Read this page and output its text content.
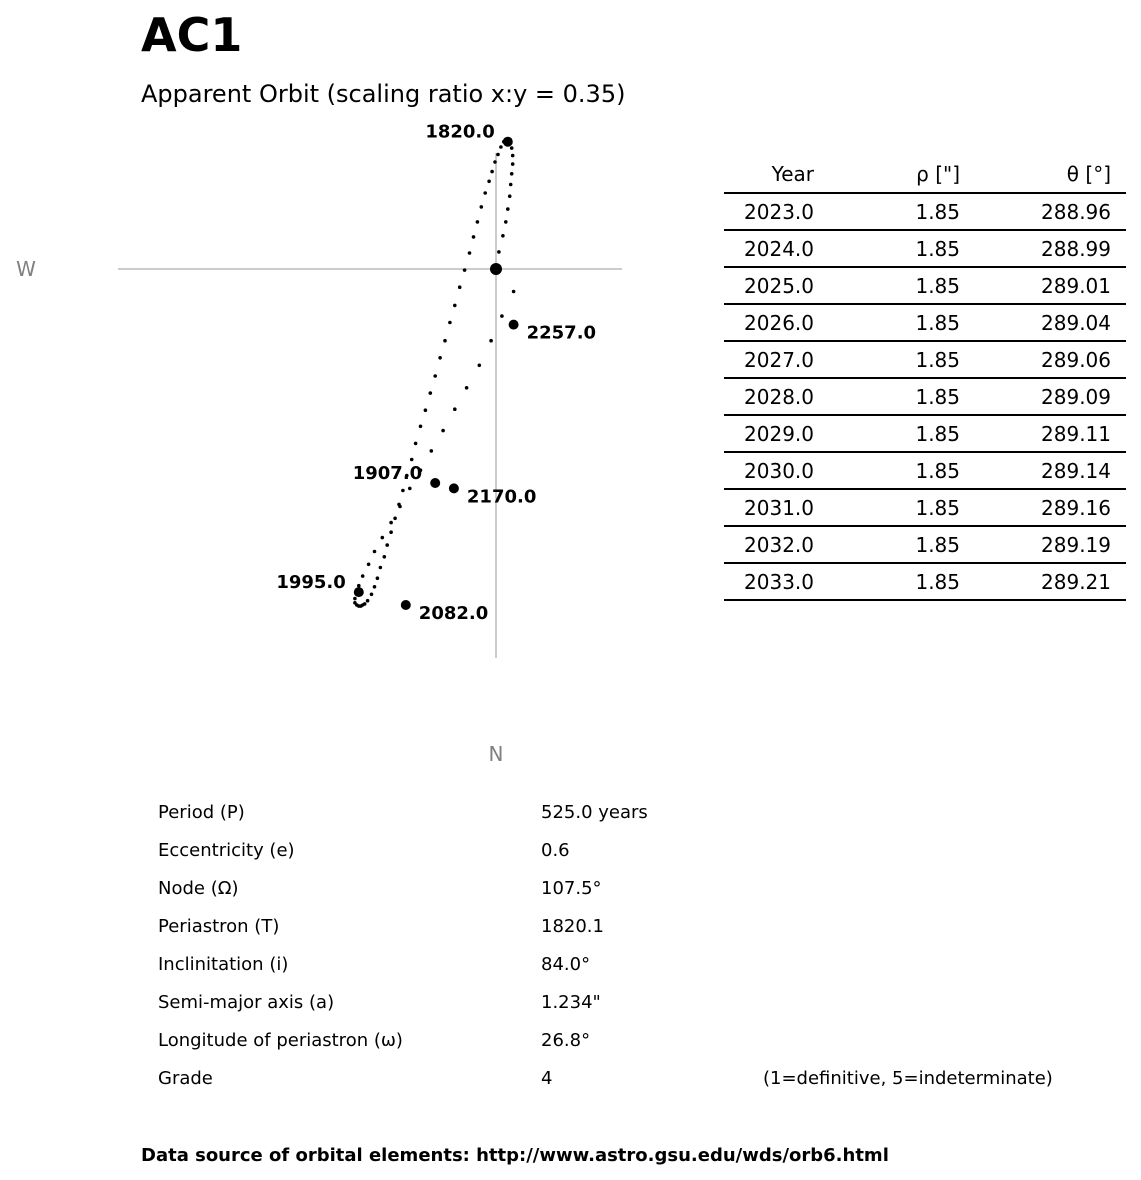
AC1
Apparent Orbit (scaling ratio x:y = 0.35)
1820.0
1907.0
1995.0
2082.0
2170.0
2257.0
W
N
Year	ρ ["]	θ [°]	
2023.0	1.85	288.96	
2024.0	1.85	288.99	
2025.0	1.85	289.01	
2026.0	1.85	289.04	
2027.0	1.85	289.06	
2028.0	1.85	289.09	
2029.0	1.85	289.11	
2030.0	1.85	289.14	
2031.0	1.85	289.16	
2032.0	1.85	289.19	
2033.0	1.85	289.21	
Period (P)	525.0 years
Eccentricity (e)	0.6
Node (Ω)	107.5°
Periastron (T)	1820.1
Inclinitation (i)	84.0°
Semi-major axis (a)	1.234"
Longitude of periastron (ω)	26.8°
Grade	4	(1=definitive, 5=indeterminate)
Data source of orbital elements: http://www.astro.gsu.edu/wds/orb6.html
